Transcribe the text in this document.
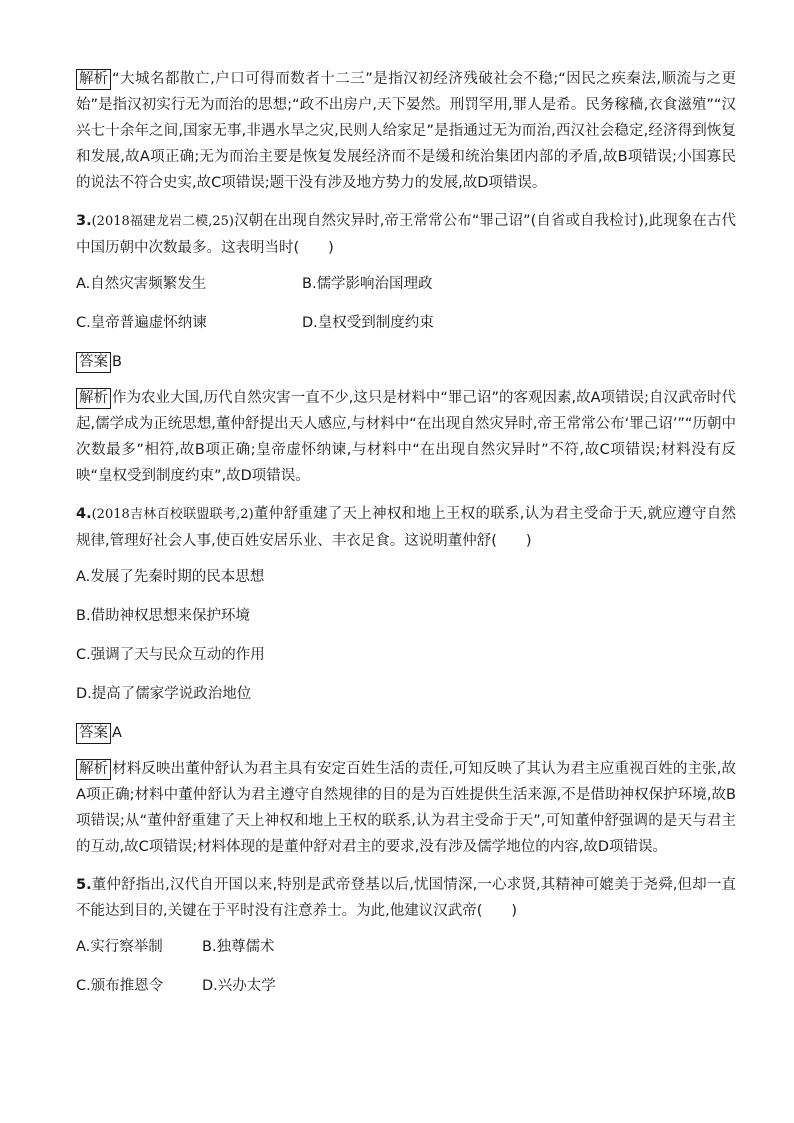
解析 “大城名都散亡,户口可得而数者十二三”是指汉初经济残破社会不稳;“因民之疾秦法,顺流与之更始”是指汉初实行无为而治的思想;“政不出房户,天下晏然。刑罚罕用,罪人是希。民务稼穑,衣食滋殖”“汉兴七十余年之间,国家无事,非遇水旱之灾,民则人给家足”是指通过无为而治,西汉社会稳定,经济得到恢复和发展,故A项正确;无为而治主要是恢复发展经济而不是缓和统治集团内部的矛盾,故B项错误;小国寡民的说法不符合史实,故C项错误;题干没有涉及地方势力的发展,故D项错误。

3.(2018福建龙岩二模,25)汉朝在出现自然灾异时,帝王常常公布“罪己诏”(自省或自我检讨),此现象在古代中国历朝中次数最多。这表明当时(　　)

A.自然灾害频繁发生	B.儒学影响治国理政
C.皇帝普遍虚怀纳谏	D.皇权受到制度约束
答案 B

解析 作为农业大国,历代自然灾害一直不少,这只是材料中“罪己诏”的客观因素,故A项错误;自汉武帝时代起,儒学成为正统思想,董仲舒提出天人感应,与材料中“在出现自然灾异时,帝王常常公布‘罪己诏’”“历朝中次数最多”相符,故B项正确;皇帝虚怀纳谏,与材料中“在出现自然灾异时”不符,故C项错误;材料没有反映“皇权受到制度约束”,故D项错误。

4.(2018吉林百校联盟联考,2)董仲舒重建了天上神权和地上王权的联系,认为君主受命于天,就应遵守自然规律,管理好社会人事,使百姓安居乐业、丰衣足食。这说明董仲舒(　　)

A.发展了先秦时期的民本思想
B.借助神权思想来保护环境
C.强调了天与民众互动的作用
D.提高了儒家学说政治地位
答案 A

解析 材料反映出董仲舒认为君主具有安定百姓生活的责任,可知反映了其认为君主应重视百姓的主张,故A项正确;材料中董仲舒认为君主遵守自然规律的目的是为百姓提供生活来源,不是借助神权保护环境,故B项错误;从“董仲舒重建了天上神权和地上王权的联系,认为君主受命于天”,可知董仲舒强调的是天与君主的互动,故C项错误;材料体现的是董仲舒对君主的要求,没有涉及儒学地位的内容,故D项错误。

5.董仲舒指出,汉代自开国以来,特别是武帝登基以后,忧国情深,一心求贤,其精神可媲美于尧舜,但却一直不能达到目的,关键在于平时没有注意养士。为此,他建议汉武帝(　　)

A.实行察举制	B.独尊儒术
C.颁布推恩令	D.兴办太学
